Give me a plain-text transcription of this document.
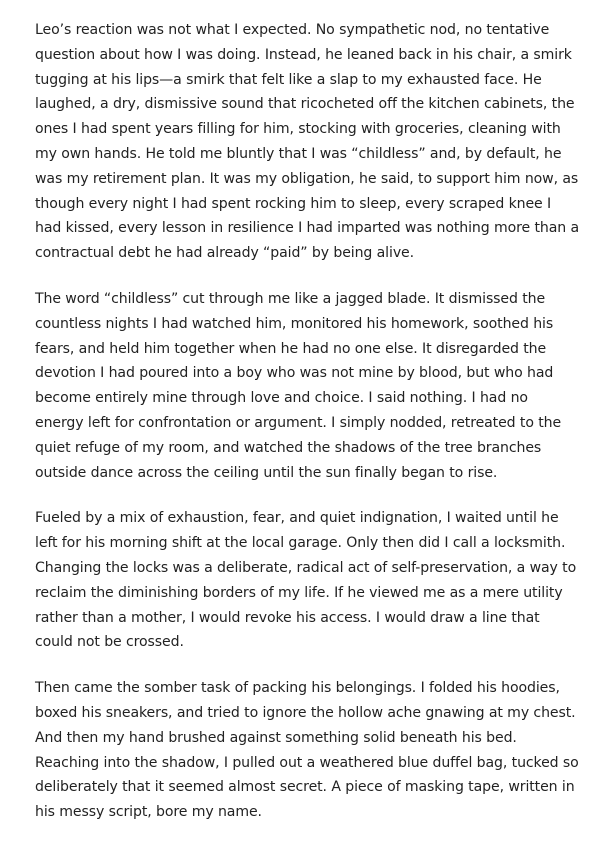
Leo’s reaction was not what I expected. No sympathetic nod, no tentative question about how I was doing. Instead, he leaned back in his chair, a smirk tugging at his lips—a smirk that felt like a slap to my exhausted face. He laughed, a dry, dismissive sound that ricocheted off the kitchen cabinets, the ones I had spent years filling for him, stocking with groceries, cleaning with my own hands. He told me bluntly that I was “childless” and, by default, he was my retirement plan. It was my obligation, he said, to support him now, as though every night I had spent rocking him to sleep, every scraped knee I had kissed, every lesson in resilience I had imparted was nothing more than a contractual debt he had already “paid” by being alive.

The word “childless” cut through me like a jagged blade. It dismissed the countless nights I had watched him, monitored his homework, soothed his fears, and held him together when he had no one else. It disregarded the devotion I had poured into a boy who was not mine by blood, but who had become entirely mine through love and choice. I said nothing. I had no energy left for confrontation or argument. I simply nodded, retreated to the quiet refuge of my room, and watched the shadows of the tree branches outside dance across the ceiling until the sun finally began to rise.

Fueled by a mix of exhaustion, fear, and quiet indignation, I waited until he left for his morning shift at the local garage. Only then did I call a locksmith. Changing the locks was a deliberate, radical act of self-preservation, a way to reclaim the diminishing borders of my life. If he viewed me as a mere utility rather than a mother, I would revoke his access. I would draw a line that could not be crossed.

Then came the somber task of packing his belongings. I folded his hoodies, boxed his sneakers, and tried to ignore the hollow ache gnawing at my chest. And then my hand brushed against something solid beneath his bed. Reaching into the shadow, I pulled out a weathered blue duffel bag, tucked so deliberately that it seemed almost secret. A piece of masking tape, written in his messy script, bore my name.
